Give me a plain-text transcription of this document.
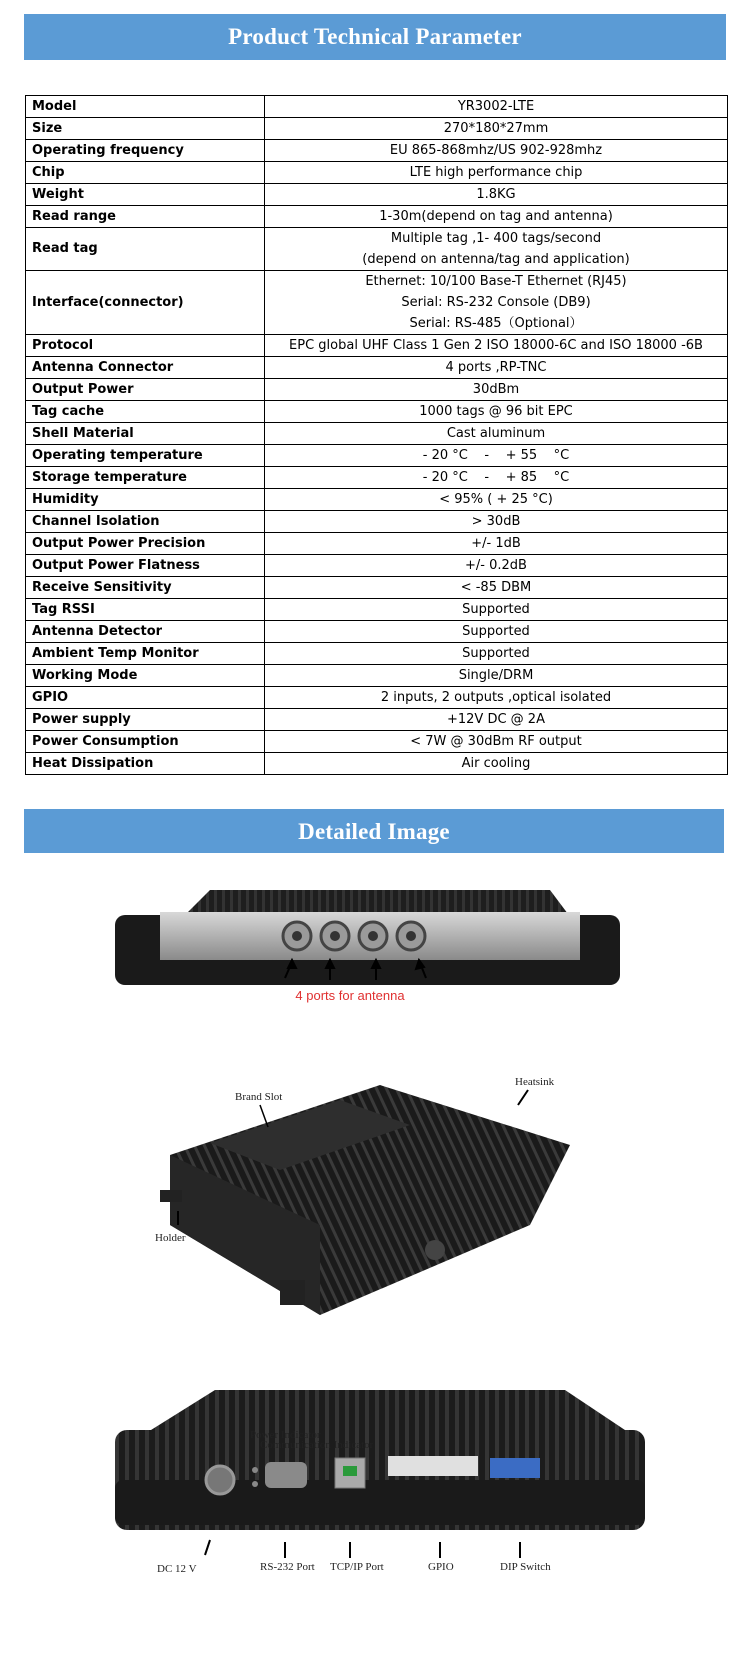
Product Technical Parameter
Model	YR3002-LTE

Size	270*180*27mm

Operating frequency	EU 865-868mhz/US 902-928mhz

Chip	LTE high performance chip

Weight	1.8KG

Read range	1-30m(depend on tag and antenna)

Read tag	Multiple tag ,1- 400 tags/second
(depend on antenna/tag and application)

Interface(connector)	Ethernet: 10/100 Base-T Ethernet (RJ45)
Serial: RS-232 Console (DB9)
Serial: RS-485（Optional）

Protocol	EPC global UHF Class 1 Gen 2 ISO 18000-6C and ISO 18000 -6B

Antenna Connector	4 ports ,RP-TNC

Output Power	30dBm

Tag cache	1000 tags @ 96 bit EPC

Shell Material	Cast aluminum

Operating temperature	- 20 °C    -    + 55    °C

Storage temperature	- 20 °C    -    + 85    °C

Humidity	< 95% ( + 25 °C)

Channel Isolation	> 30dB

Output Power Precision	+/- 1dB

Output Power Flatness	+/- 0.2dB

Receive Sensitivity	< -85 DBM

Tag RSSI	Supported

Antenna Detector	Supported

Ambient Temp Monitor	Supported

Working Mode	Single/DRM

GPIO	2 inputs, 2 outputs ,optical isolated

Power supply	+12V DC @ 2A

Power Consumption	< 7W @ 30dBm RF output

Heat Dissipation	Air cooling
Detailed Image
4 ports for antenna
Brand Slot
Heatsink
Holder
Power Indicator
Communication Indicator
DC 12 V	RS-232 Port TCP/IP Port	GPIO	DIP Switch
